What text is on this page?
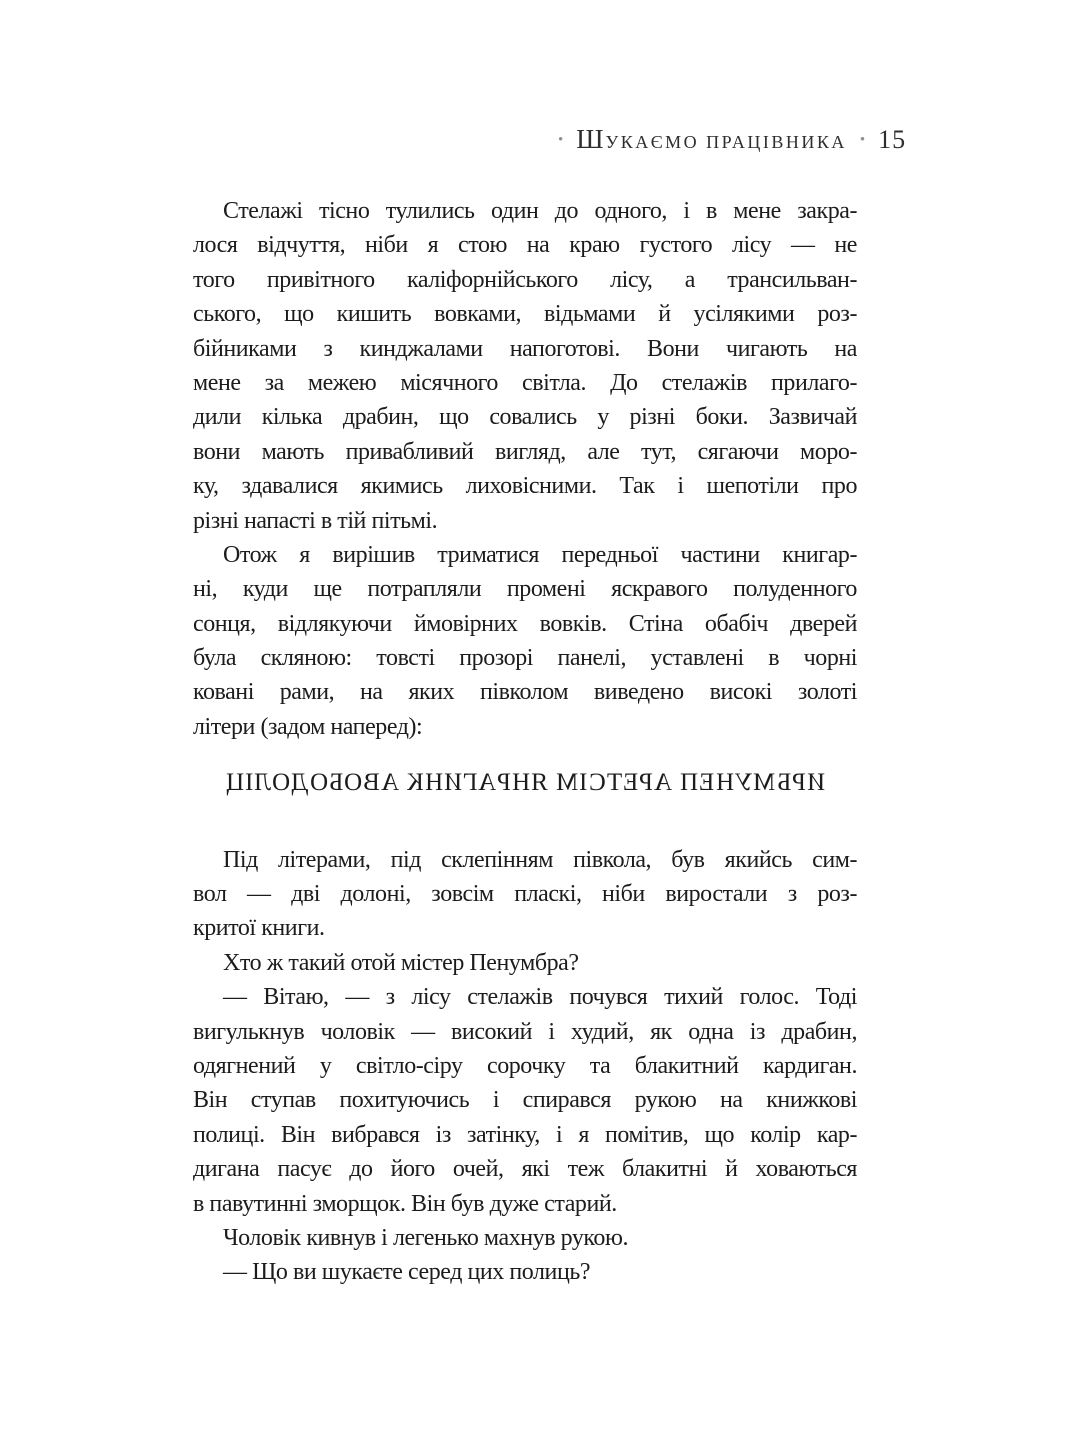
• ШУКАЄМО ПРАЦІВНИКА • 15
Стелажі тісно тулились один до одного, і в мене закра-
лося відчуття, ніби я стою на краю густого лісу — не
того привітного каліфорнійського лісу, а трансильван-
ського, що кишить вовками, відьмами й усілякими роз-
бійниками з кинджалами напоготові. Вони чигають на
мене за межею місячного світла. До стелажів прилаго-
дили кілька драбин, що совались у різні боки. Зазвичай
вони мають привабливий вигляд, але тут, сягаючи моро-
ку, здавалися якимись лиховісними. Так і шепотіли про
різні напасті в тій пітьмі.
Отож я вирішив триматися передньої частини книгар-
ні, куди ще потрапляли промені яскравого полуденного
сонця, відлякуючи ймовірних вовків. Стіна обабіч дверей
була скляною: товсті прозорі панелі, уставлені в чорні
ковані рами, на яких півколом виведено високі золоті
літери (задом наперед):
ЦІЛОДОБОВА КНИГАРНЯ МІСТЕРА ПЕНУМБРИ
Під літерами, під склепінням півкола, був якийсь сим-
вол — дві долоні, зовсім пласкі, ніби виростали з роз-
критої книги.
Хто ж такий отой містер Пенумбра?
— Вітаю, — з лісу стелажів почувся тихий голос. Тоді
вигулькнув чоловік — високий і худий, як одна із драбин,
одягнений у світло-сіру сорочку та блакитний кардиган.
Він ступав похитуючись і спирався рукою на книжкові
полиці. Він вибрався із затінку, і я помітив, що колір кар-
дигана пасує до його очей, які теж блакитні й ховаються
в павутинні зморщок. Він був дуже старий.
Чоловік кивнув і легенько махнув рукою.
— Що ви шукаєте серед цих полиць?
